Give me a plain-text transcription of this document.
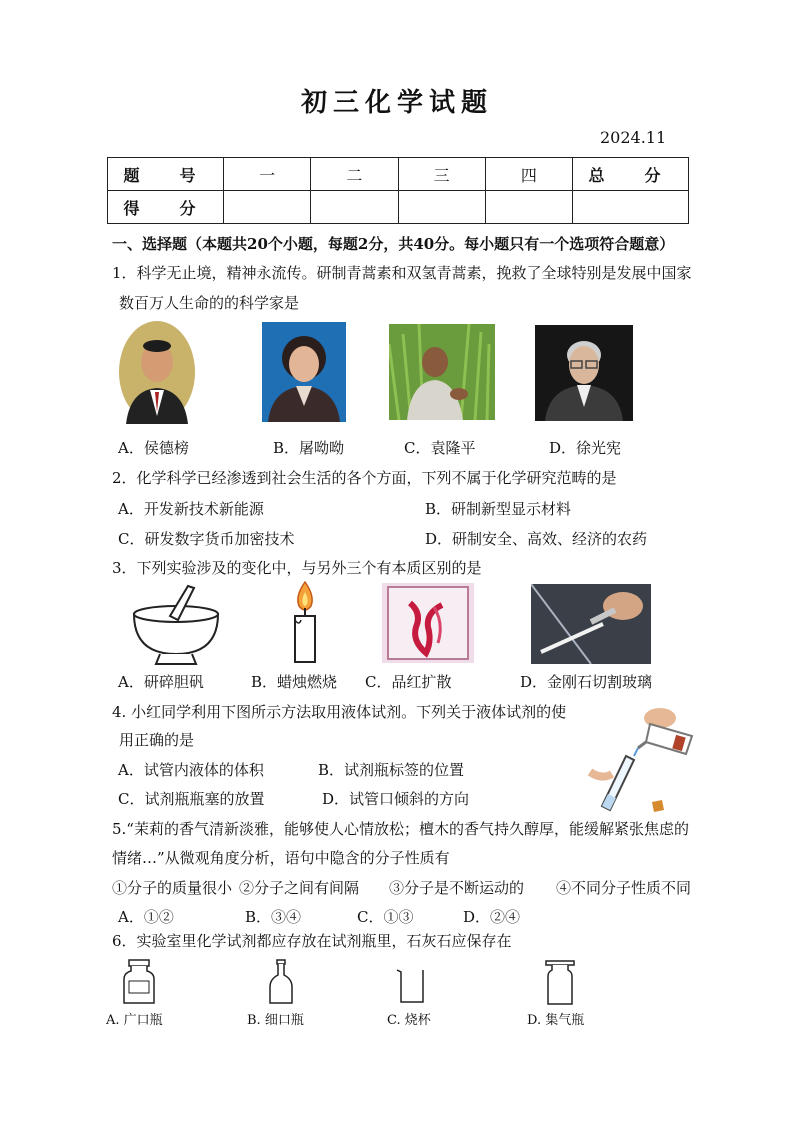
初三化学试题
2024.11
题　号	一	二	三	四	总　分
得　分					
一、选择题（本题共20个小题，每题2分，共40分。每小题只有一个选项符合题意）
1．科学无止境，精神永流传。研制青蒿素和双氢青蒿素，挽救了全球特别是发展中国家
数百万人生命的的科学家是
A．侯德榜	B．屠呦呦	C．袁隆平	D．徐光宪
2．化学科学已经渗透到社会生活的各个方面，下列不属于化学研究范畴的是
A．开发新技术新能源	B．研制新型显示材料
C．研发数字货币加密技术	D．研制安全、高效、经济的农药
3．下列实验涉及的变化中，与另外三个有本质区别的是
A．研碎胆矾	B．蜡烛燃烧 C．品红扩散	D．金刚石切割玻璃
4. 小红同学利用下图所示方法取用液体试剂。下列关于液体试剂的使
用正确的是
A．试管内液体的体积	B．试剂瓶标签的位置
C．试剂瓶瓶塞的放置	D．试管口倾斜的方向
5.“茉莉的香气清新淡雅，能够使人心情放松；檀木的香气持久醇厚，能缓解紧张焦虑的
情绪…”从微观角度分析，语句中隐含的分子性质有
①分子的质量很小 ②分子之间有间隔 ③分子是不断运动的 ④不同分子性质不同
A．①②	B．③④	C．①③	D．②④
6．实验室里化学试剂都应存放在试剂瓶里，石灰石应保存在
A. 广口瓶	B. 细口瓶	C. 烧杯	D. 集气瓶
